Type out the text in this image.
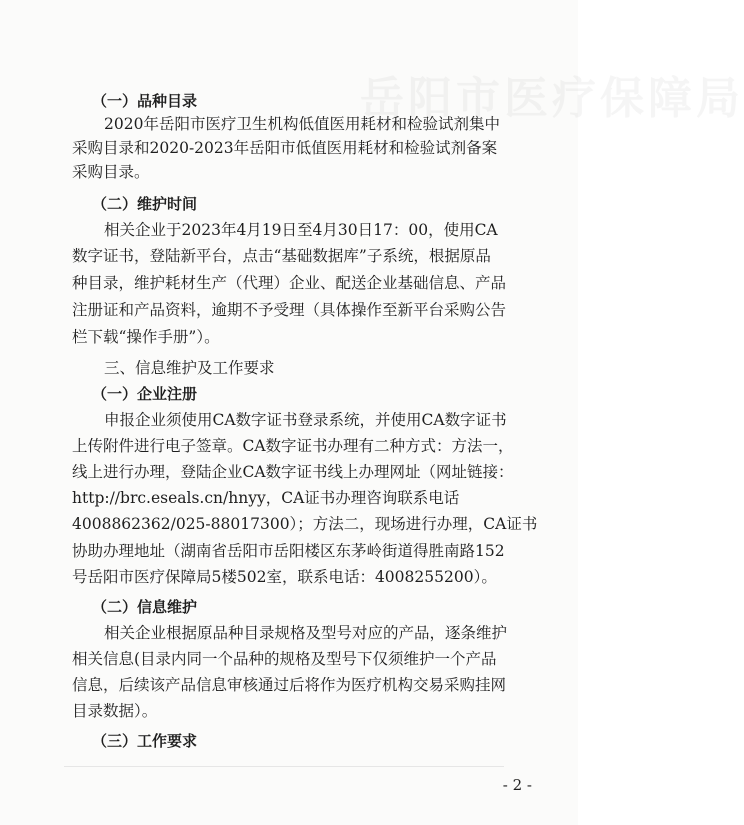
岳阳市医疗保障局
（一）品种目录
2020年岳阳市医疗卫生机构低值医用耗材和检验试剂集中
采购目录和2020-2023年岳阳市低值医用耗材和检验试剂备案
采购目录。
（二）维护时间
相关企业于2023年4月19日至4月30日17：00，使用CA
数字证书，登陆新平台，点击“基础数据库”子系统，根据原品
种目录，维护耗材生产（代理）企业、配送企业基础信息、产品
注册证和产品资料，逾期不予受理（具体操作至新平台采购公告
栏下载“操作手册”）。
三、信息维护及工作要求
（一）企业注册
申报企业须使用CA数字证书登录系统，并使用CA数字证书
上传附件进行电子签章。CA数字证书办理有二种方式：方法一，
线上进行办理，登陆企业CA数字证书线上办理网址（网址链接：
http://brc.eseals.cn/hnyy，CA证书办理咨询联系电话
4008862362/025-88017300）；方法二，现场进行办理，CA证书
协助办理地址（湖南省岳阳市岳阳楼区东茅岭街道得胜南路152
号岳阳市医疗保障局5楼502室，联系电话：4008255200）。
（二）信息维护
相关企业根据原品种目录规格及型号对应的产品，逐条维护
相关信息(目录内同一个品种的规格及型号下仅须维护一个产品
信息，后续该产品信息审核通过后将作为医疗机构交易采购挂网
目录数据）。
（三）工作要求
- 2 -
